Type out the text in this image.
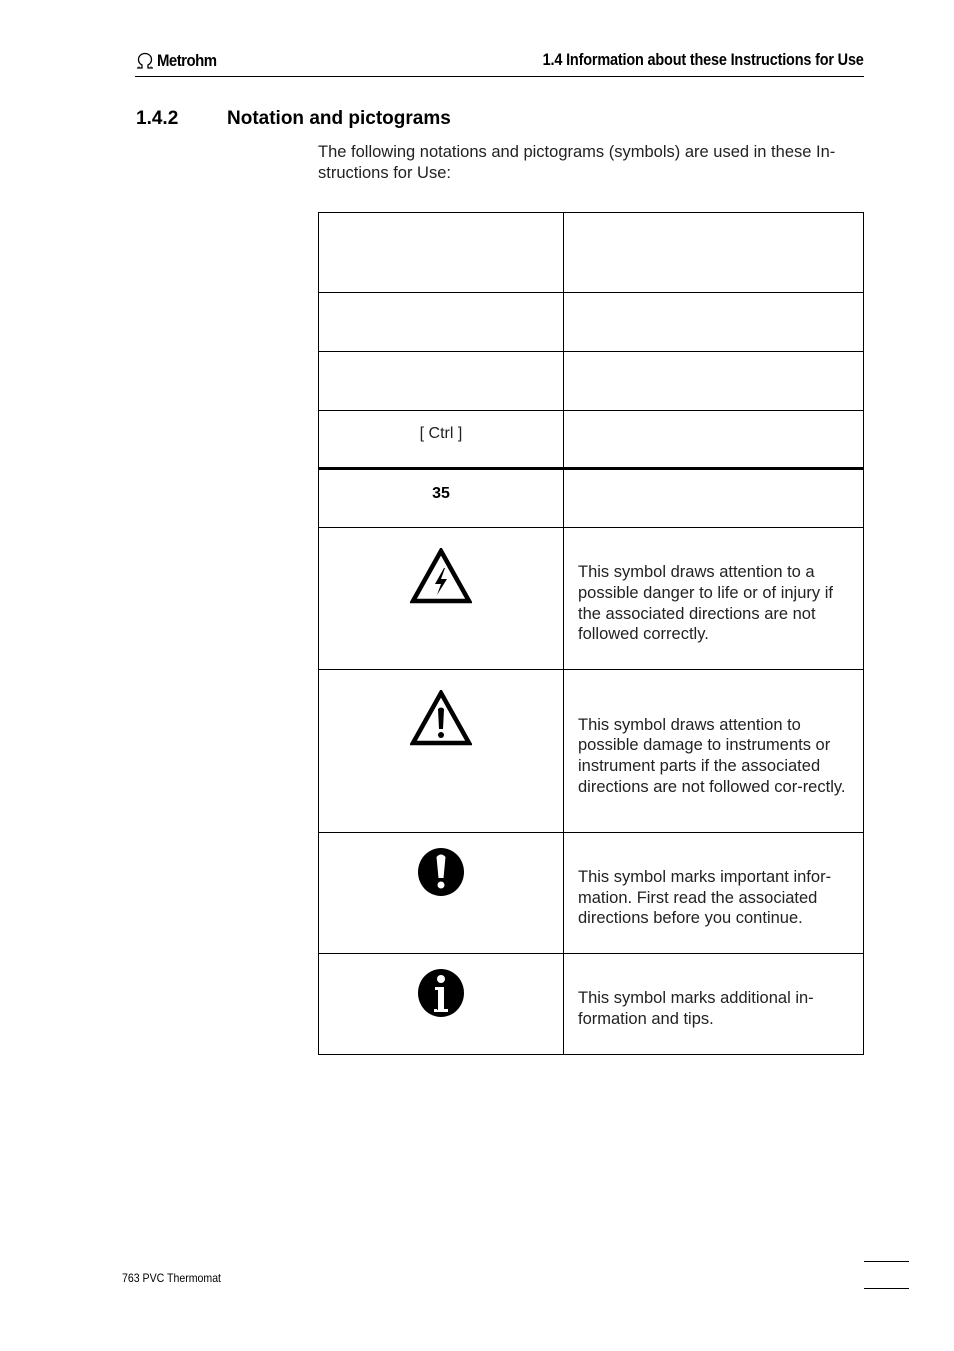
Metrohm	1.4 Information about these Instructions for Use
1.4.2	Notation and pictograms
The following notations and pictograms (symbols) are used in these In-
structions for Use:

[ Ctrl ]	
35	
	This symbol draws attention to a possible danger to life or of injury if the associated directions are not followed correctly.
	This symbol draws attention to possible damage to instruments or instrument parts if the associated directions are not followed cor-rectly.
	This symbol marks important infor-mation. First read the associated directions before you continue.
	This symbol marks additional in-formation and tips.
763 PVC Thermomat
